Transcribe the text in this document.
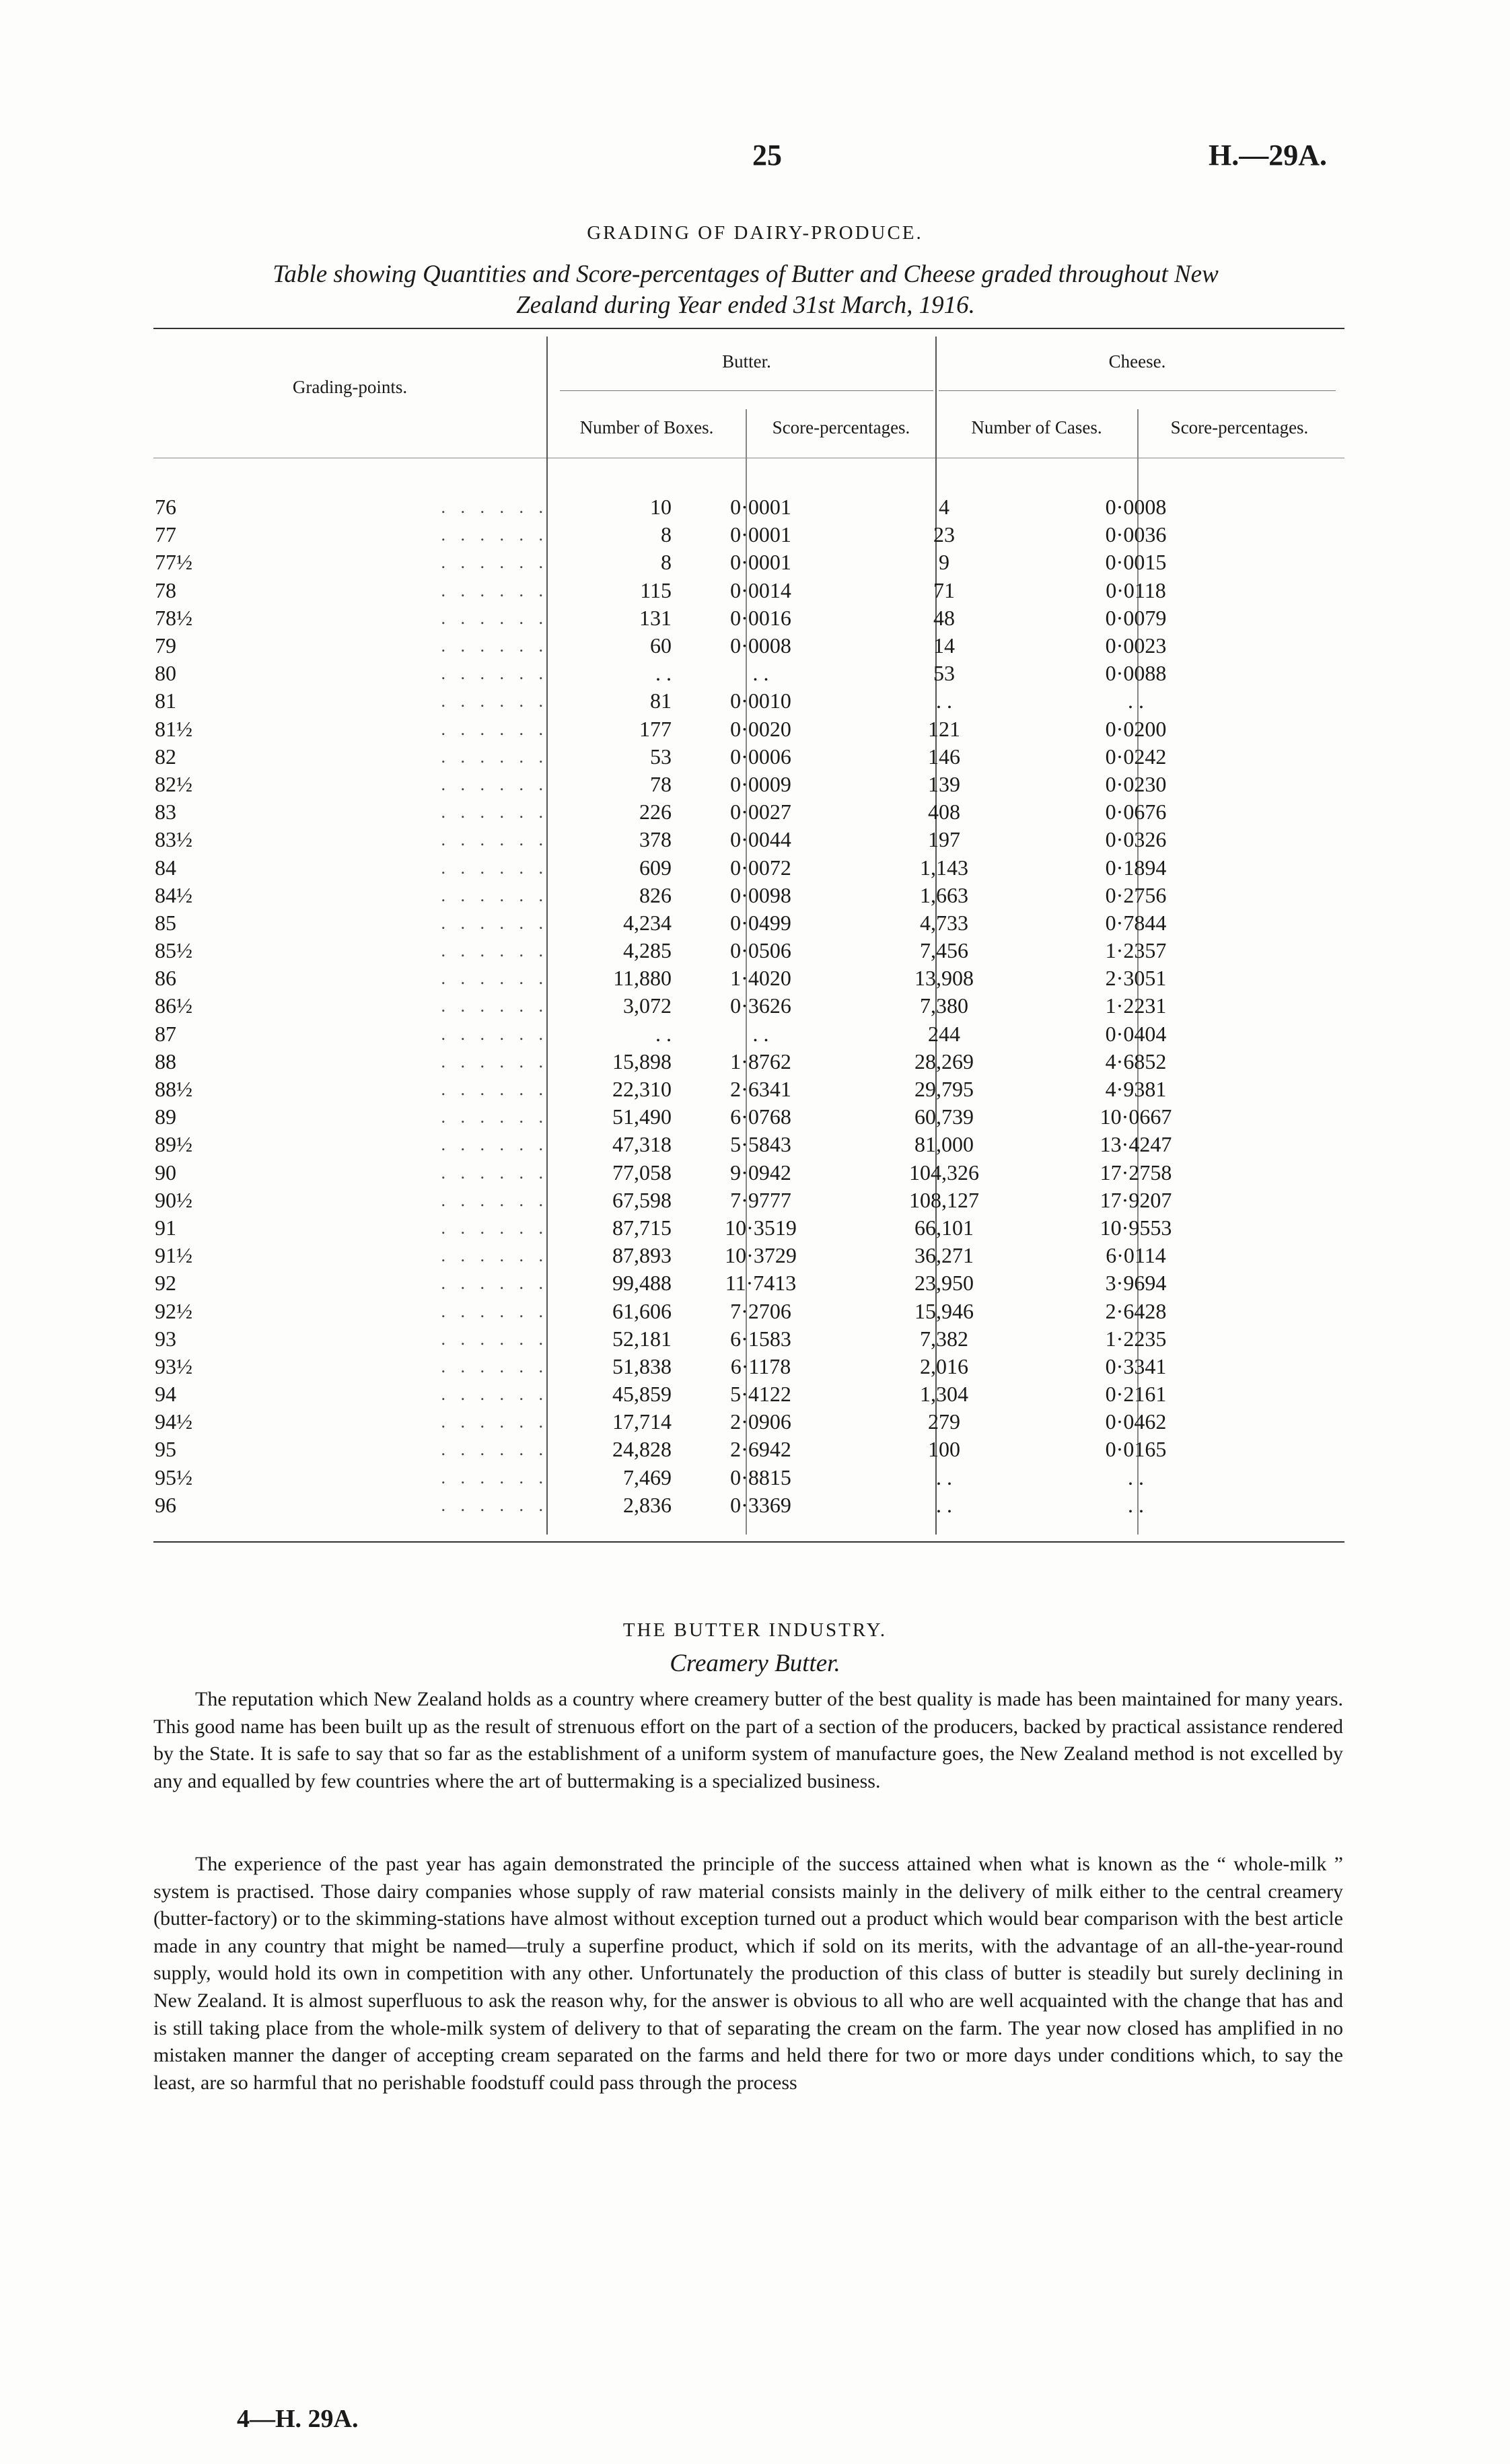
25	H.—29A.
GRADING OF DAIRY-PRODUCE.
Table showing Quantities and Score-percentages of Butter and Cheese graded throughout New
Zealand during Year ended 31st March, 1916.
Grading-points.
Butter.	Cheese.
Number of Boxes.	Score-percentages.	Number of Cases.	Score-percentages.
76	. . . . . .	10	0·0001	4	0·0008
77	. . . . . .	8	0·0001	23	0·0036
77½	. . . . . .	8	0·0001	9	0·0015
78	. . . . . .	115	0·0014	71	0·0118
78½	. . . . . .	131	0·0016	48	0·0079
79	. . . . . .	60	0·0008	14	0·0023
80	. . . . . .	. .	. .	53	0·0088
81	. . . . . .	81	0·0010	. .	. .
81½	. . . . . .	177	0·0020	121	0·0200
82	. . . . . .	53	0·0006	146	0·0242
82½	. . . . . .	78	0·0009	139	0·0230
83	. . . . . .	226	0·0027	408	0·0676
83½	. . . . . .	378	0·0044	197	0·0326
84	. . . . . .	609	0·0072	1,143	0·1894
84½	. . . . . .	826	0·0098	1,663	0·2756
85	. . . . . .	4,234	0·0499	4,733	0·7844
85½	. . . . . .	4,285	0·0506	7,456	1·2357
86	. . . . . .	11,880	1·4020	13,908	2·3051
86½	. . . . . .	3,072	0·3626	7,380	1·2231
87	. . . . . .	. .	. .	244	0·0404
88	. . . . . .	15,898	1·8762	28,269	4·6852
88½	. . . . . .	22,310	2·6341	29,795	4·9381
89	. . . . . .	51,490	6·0768	60,739	10·0667
89½	. . . . . .	47,318	5·5843	81,000	13·4247
90	. . . . . .	77,058	9·0942	104,326	17·2758
90½	. . . . . .	67,598	7·9777	108,127	17·9207
91	. . . . . .	87,715	10·3519	66,101	10·9553
91½	. . . . . .	87,893	10·3729	36,271	6·0114
92	. . . . . .	99,488	11·7413	23,950	3·9694
92½	. . . . . .	61,606	7·2706	15,946	2·6428
93	. . . . . .	52,181	6·1583	7,382	1·2235
93½	. . . . . .	51,838	6·1178	2,016	0·3341
94	. . . . . .	45,859	5·4122	1,304	0·2161
94½	. . . . . .	17,714	2·0906	279	0·0462
95	. . . . . .	24,828	2·6942	100	0·0165
95½	. . . . . .	7,469	0·8815	. .	. .
96	. . . . . .	2,836	0·3369	. .	. .
THE BUTTER INDUSTRY.
Creamery Butter.
The reputation which New Zealand holds as a country where creamery butter of the best quality is made has been maintained for many years. This good name has been built up as the result of strenuous effort on the part of a section of the producers, backed by practical assistance rendered by the State. It is safe to say that so far as the establishment of a uniform system of manufacture goes, the New Zealand method is not excelled by any and equalled by few countries where the art of buttermaking is a specialized business.
The experience of the past year has again demonstrated the principle of the success attained when what is known as the “ whole-milk ” system is practised. Those dairy companies whose supply of raw material consists mainly in the delivery of milk either to the central creamery (butter-factory) or to the skimming-stations have almost without exception turned out a product which would bear comparison with the best article made in any country that might be named—truly a superfine product, which if sold on its merits, with the advantage of an all-the-year-round supply, would hold its own in competition with any other. Unfortunately the production of this class of butter is steadily but surely declining in New Zealand. It is almost superfluous to ask the reason why, for the answer is obvious to all who are well acquainted with the change that has and is still taking place from the whole-milk system of delivery to that of separating the cream on the farm. The year now closed has amplified in no mistaken manner the danger of accepting cream separated on the farms and held there for two or more days under conditions which, to say the least, are so harmful that no perishable foodstuff could pass through the process
4—H. 29A.
